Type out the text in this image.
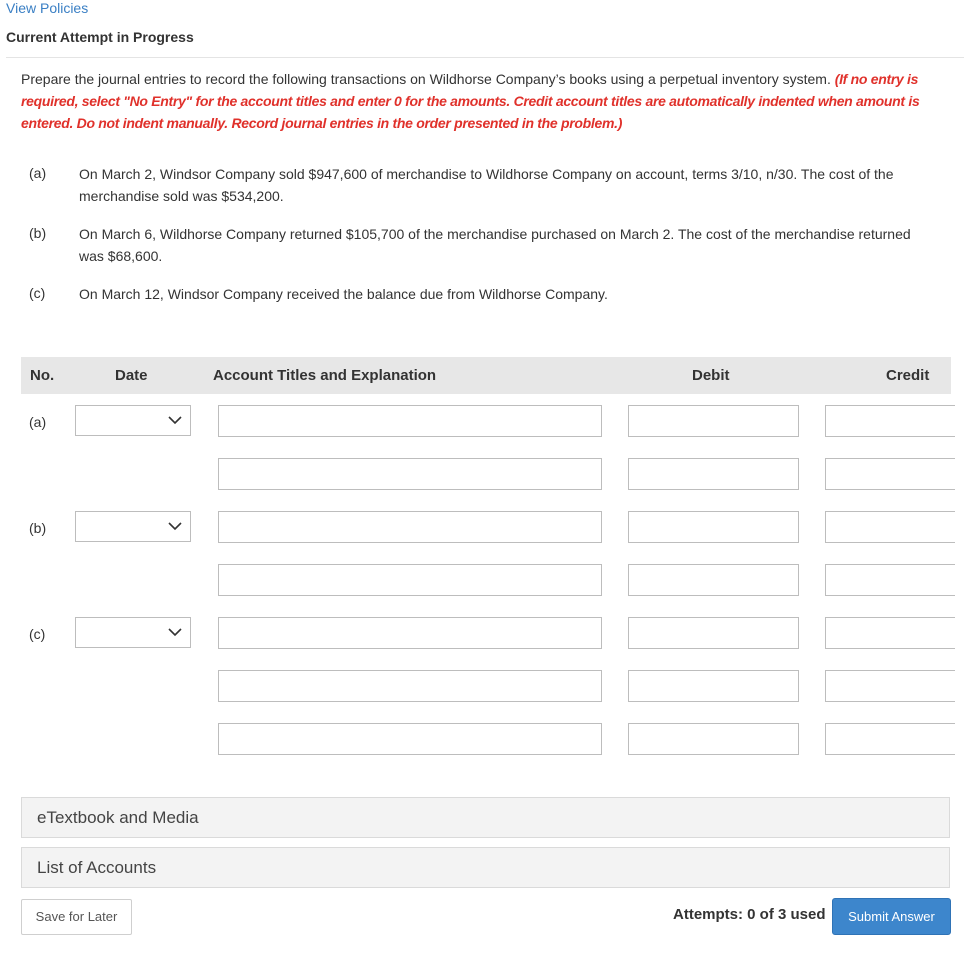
View Policies
Current Attempt in Progress
Prepare the journal entries to record the following transactions on Wildhorse Company’s books using a perpetual inventory system. (If no entry is required, select "No Entry" for the account titles and enter 0 for the amounts. Credit account titles are automatically indented when amount is entered. Do not indent manually. Record journal entries in the order presented in the problem.)
(a) On March 2, Windsor Company sold $947,600 of merchandise to Wildhorse Company on account, terms 3/10, n/30. The cost of the merchandise sold was $534,200.
(b) On March 6, Wildhorse Company returned $105,700 of the merchandise purchased on March 2. The cost of the merchandise returned was $68,600.
(c) On March 12, Windsor Company received the balance due from Wildhorse Company.
No.	Date	Account Titles and Explanation	Debit	Credit
(a)
(b)
(c)
eTextbook and Media
List of Accounts
Save for Later	Attempts: 0 of 3 used	Submit Answer
